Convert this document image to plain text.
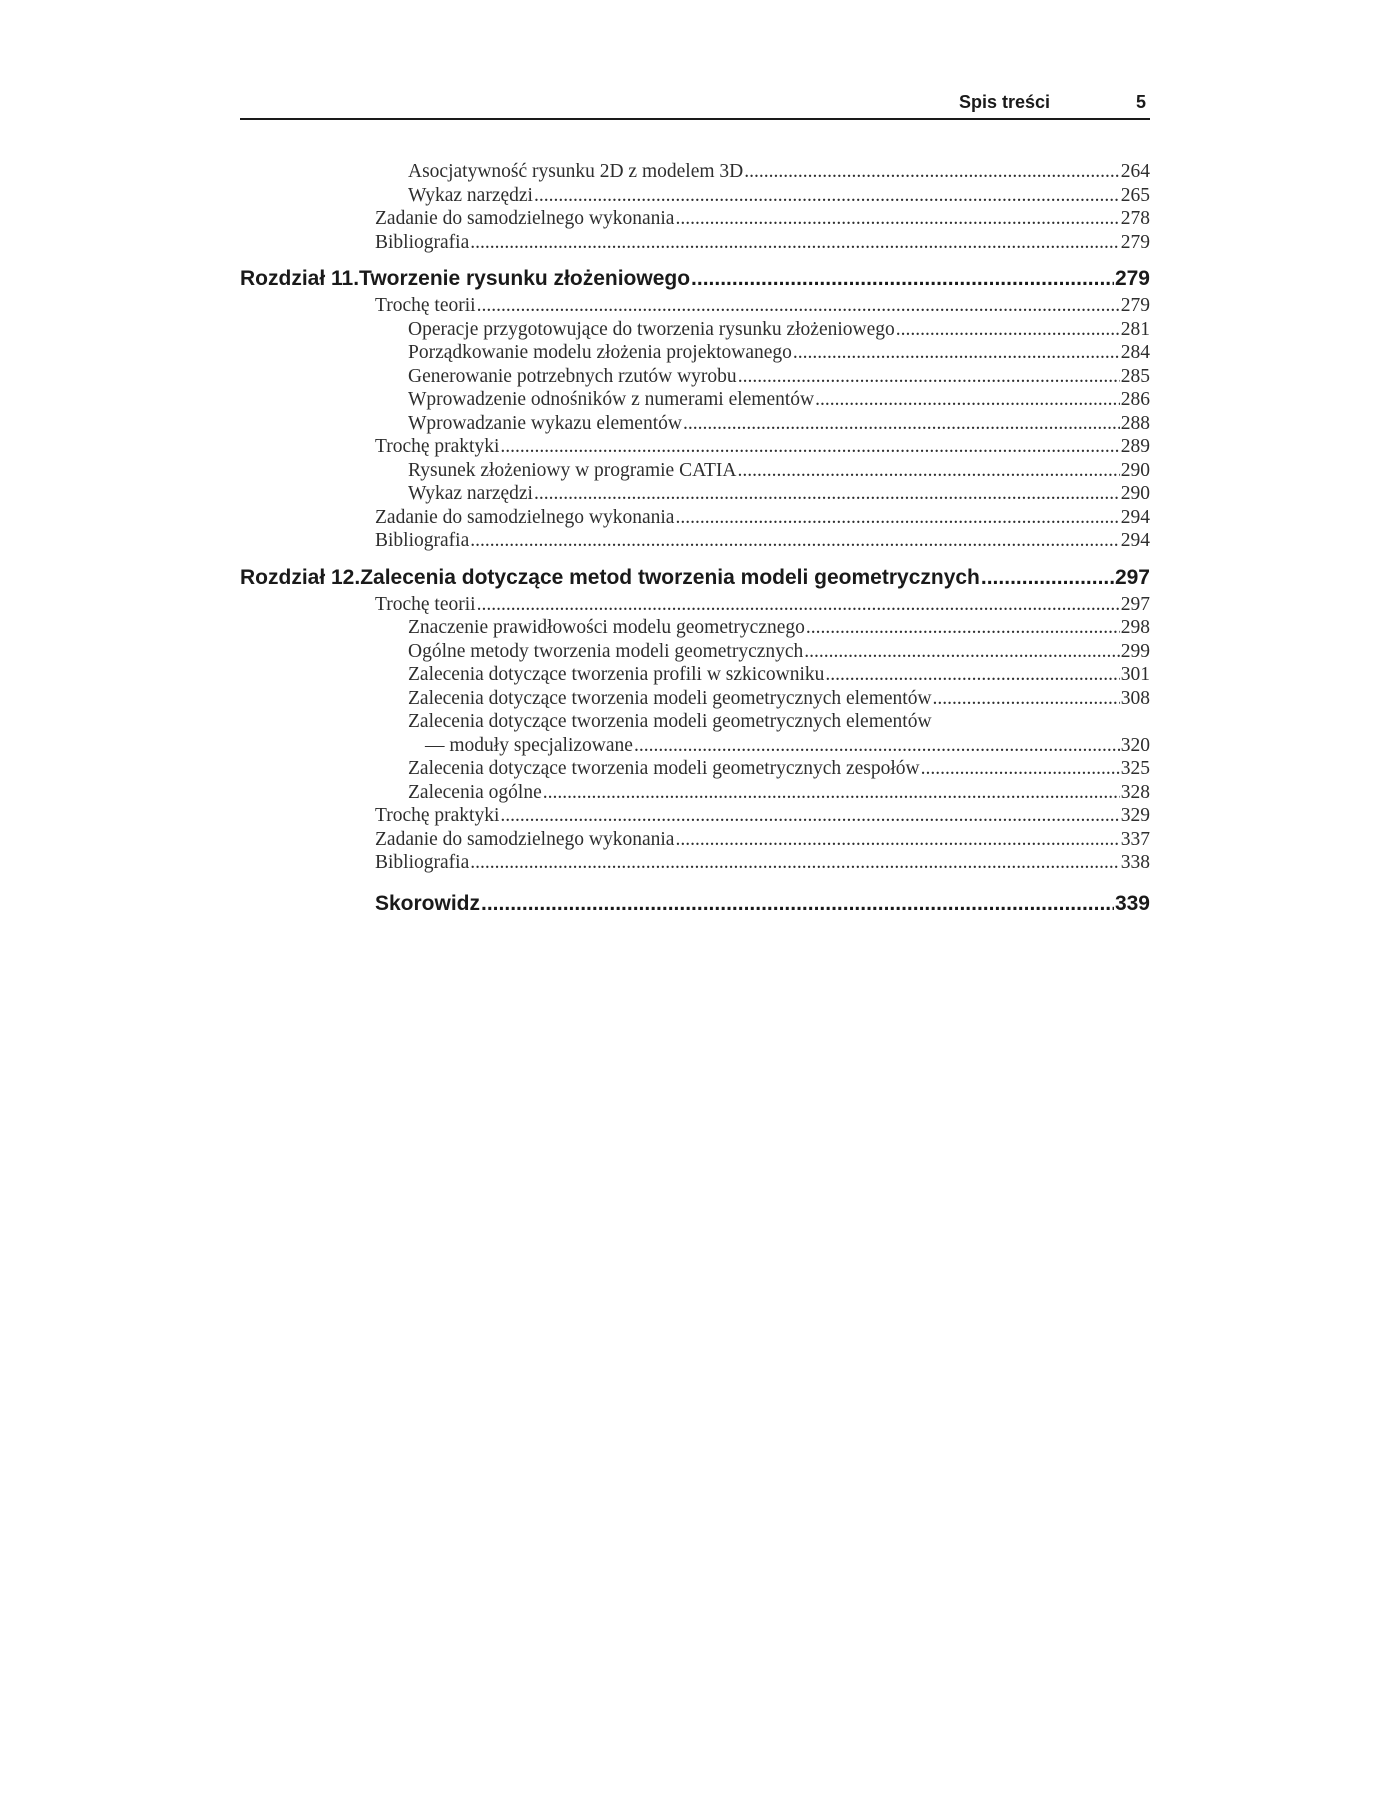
Spis treści	5
Asocjatywność rysunku 2D z modelem 3D .....	264
Wykaz narzędzi .....	265
Zadanie do samodzielnego wykonania .....	278
Bibliografia .....	279
Rozdział 11. Tworzenie rysunku złożeniowego .....	279
Trochę teorii .....	279
Operacje przygotowujące do tworzenia rysunku złożeniowego .....	281
Porządkowanie modelu złożenia projektowanego .....	284
Generowanie potrzebnych rzutów wyrobu .....	285
Wprowadzenie odnośników z numerami elementów .....	286
Wprowadzanie wykazu elementów .....	288
Trochę praktyki .....	289
Rysunek złożeniowy w programie CATIA .....	290
Wykaz narzędzi .....	290
Zadanie do samodzielnego wykonania .....	294
Bibliografia .....	294
Rozdział 12. Zalecenia dotyczące metod tworzenia modeli geometrycznych .....	297
Trochę teorii .....	297
Znaczenie prawidłowości modelu geometrycznego .....	298
Ogólne metody tworzenia modeli geometrycznych .....	299
Zalecenia dotyczące tworzenia profili w szkicowniku .....	301
Zalecenia dotyczące tworzenia modeli geometrycznych elementów .....	308
Zalecenia dotyczące tworzenia modeli geometrycznych elementów
— moduły specjalizowane .....	320
Zalecenia dotyczące tworzenia modeli geometrycznych zespołów .....	325
Zalecenia ogólne .....	328
Trochę praktyki .....	329
Zadanie do samodzielnego wykonania .....	337
Bibliografia .....	338
Skorowidz .....	339
